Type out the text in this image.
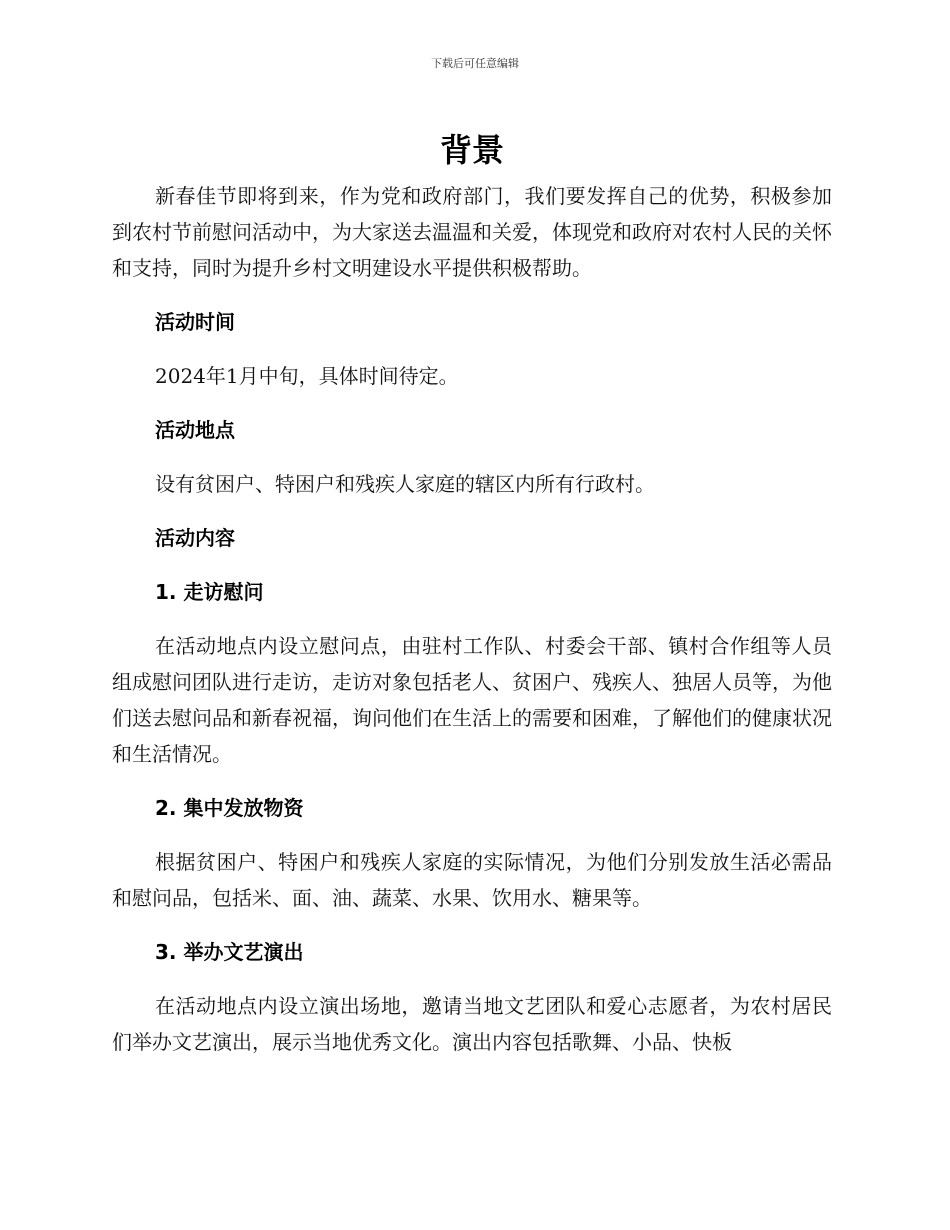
下载后可任意编辑
背景

新春佳节即将到来，作为党和政府部门，我们要发挥自己的优势，积极参加到农村节前慰问活动中，为大家送去温温和关爱，体现党和政府对农村人民的关怀和支持，同时为提升乡村文明建设水平提供积极帮助。

活动时间

2024年1月中旬，具体时间待定。

活动地点

设有贫困户、特困户和残疾人家庭的辖区内所有行政村。

活动内容

1. 走访慰问

在活动地点内设立慰问点，由驻村工作队、村委会干部、镇村合作组等人员组成慰问团队进行走访，走访对象包括老人、贫困户、残疾人、独居人员等，为他们送去慰问品和新春祝福，询问他们在生活上的需要和困难，了解他们的健康状况和生活情况。

2. 集中发放物资

根据贫困户、特困户和残疾人家庭的实际情况，为他们分别发放生活必需品和慰问品，包括米、面、油、蔬菜、水果、饮用水、糖果等。

3. 举办文艺演出

在活动地点内设立演出场地，邀请当地文艺团队和爱心志愿者，为农村居民们举办文艺演出，展示当地优秀文化。演出内容包括歌舞、小品、快板
